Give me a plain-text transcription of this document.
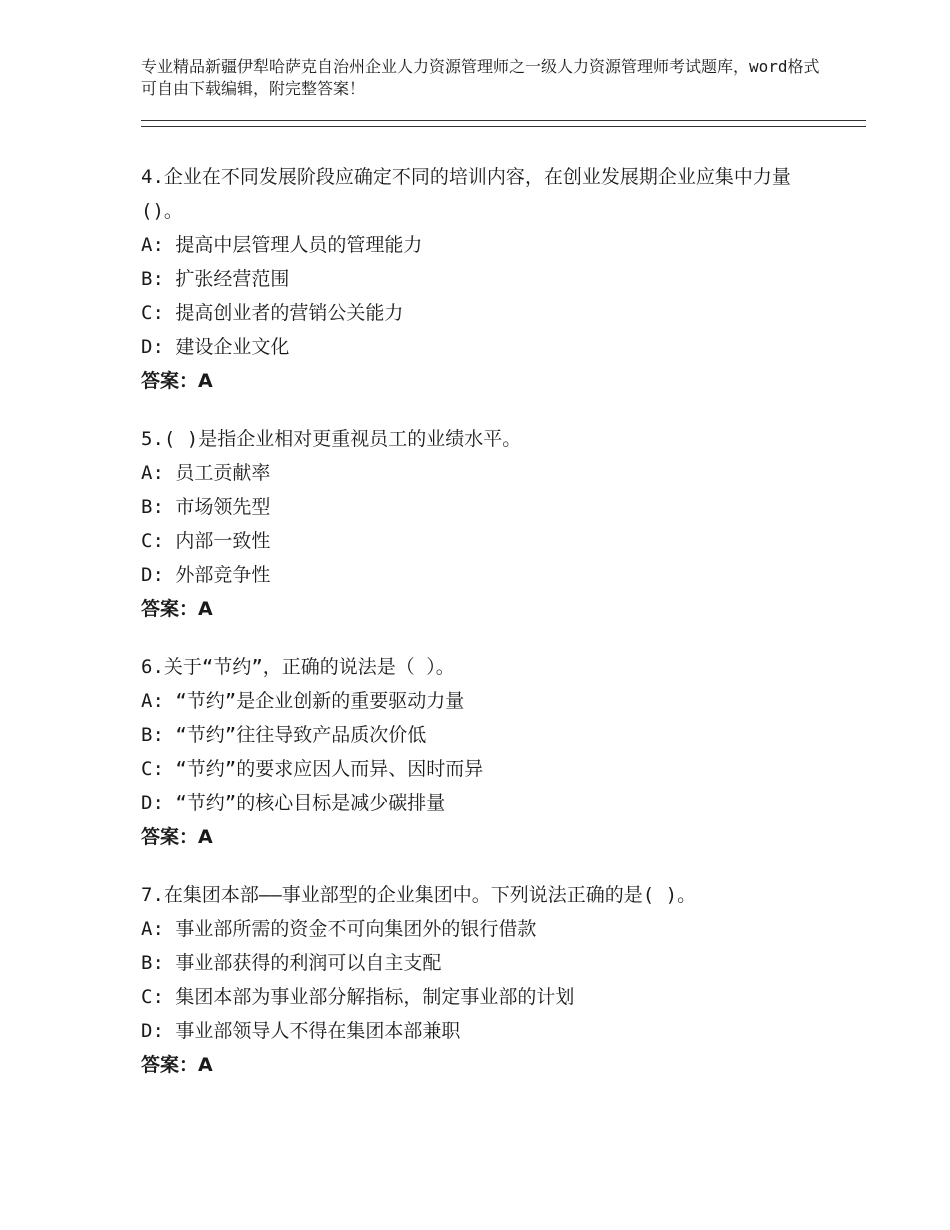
专业精品新疆伊犁哈萨克自治州企业人力资源管理师之一级人力资源管理师考试题库，word格式可自由下载编辑，附完整答案！
4.企业在不同发展阶段应确定不同的培训内容，在创业发展期企业应集中力量()。
A: 提高中层管理人员的管理能力
B: 扩张经营范围
C: 提高创业者的营销公关能力
D: 建设企业文化
答案：A
5.( )是指企业相对更重视员工的业绩水平。
A: 员工贡献率
B: 市场领先型
C: 内部一致性
D: 外部竞争性
答案：A
6.关于“节约”，正确的说法是（ ）。
A: “节约”是企业创新的重要驱动力量
B: “节约”往往导致产品质次价低
C: “节约”的要求应因人而异、因时而异
D: “节约”的核心目标是减少碳排量
答案：A
7.在集团本部——事业部型的企业集团中。下列说法正确的是( )。
A: 事业部所需的资金不可向集团外的银行借款
B: 事业部获得的利润可以自主支配
C: 集团本部为事业部分解指标，制定事业部的计划
D: 事业部领导人不得在集团本部兼职
答案：A
